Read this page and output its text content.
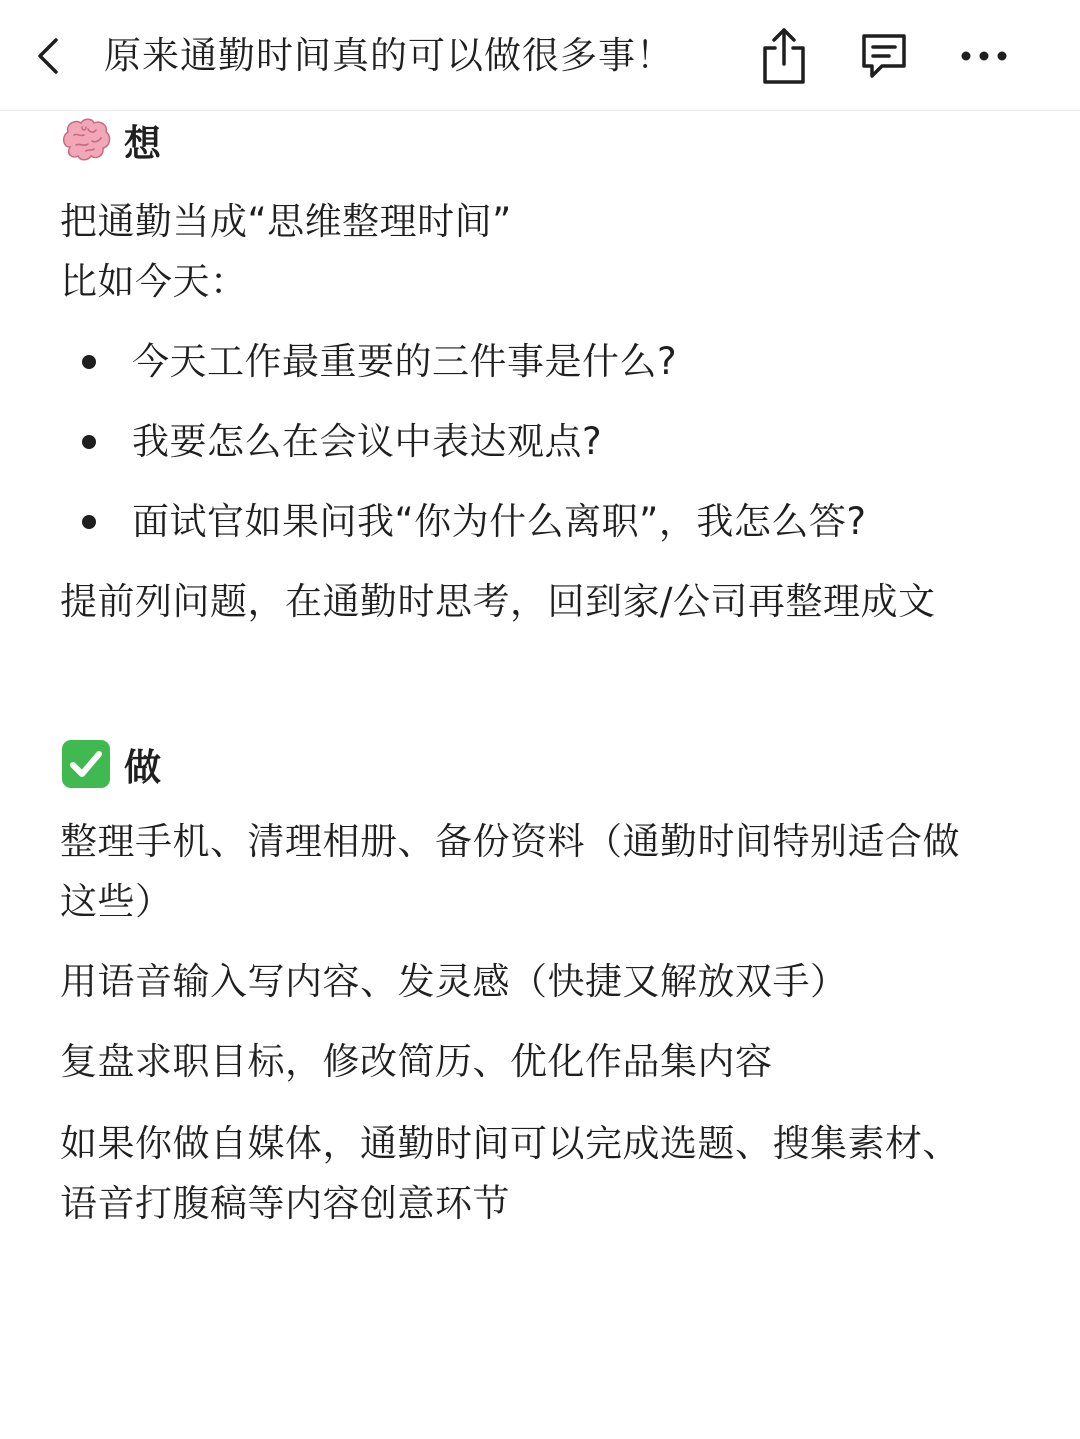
原来通勤时间真的可以做很多事！
想
把通勤当成“思维整理时间”
比如今天：
今天工作最重要的三件事是什么?
我要怎么在会议中表达观点?
面试官如果问我“你为什么离职”，我怎么答?
提前列问题，在通勤时思考，回到家/公司再整理成文
做
整理手机、清理相册、备份资料（通勤时间特别适合做
这些）
用语音输入写内容、发灵感（快捷又解放双手）
复盘求职目标，修改简历、优化作品集内容
如果你做自媒体，通勤时间可以完成选题、搜集素材、
语音打腹稿等内容创意环节
